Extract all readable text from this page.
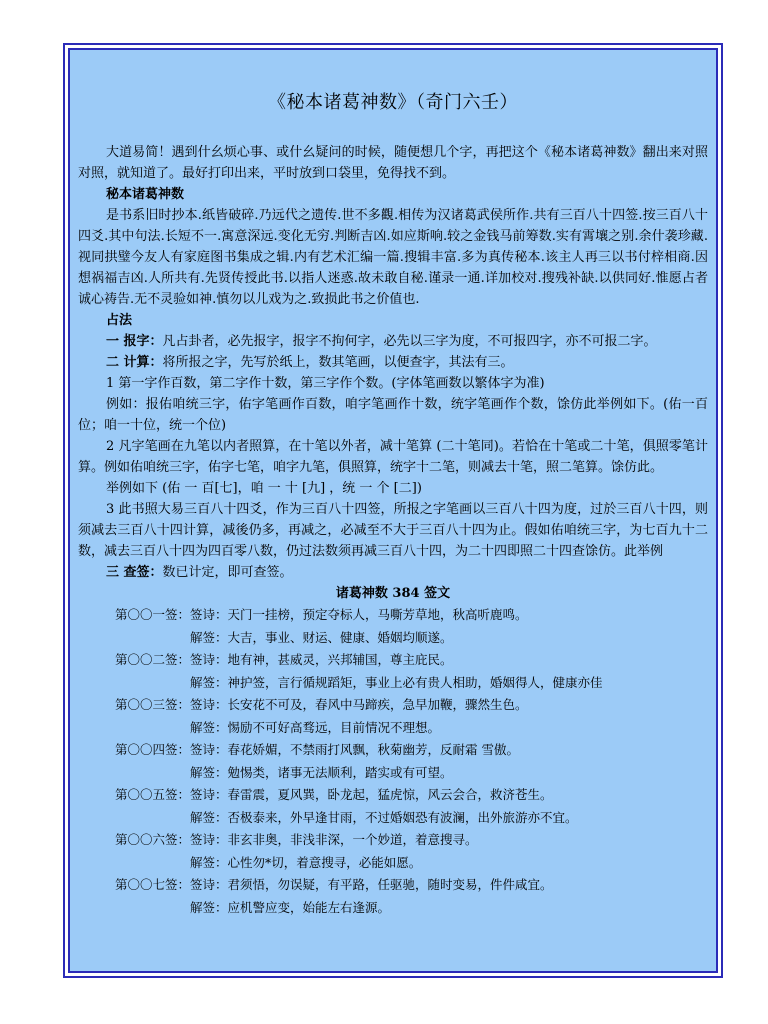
《秘本诸葛神数》（奇门六壬）

大道易简！遇到什幺烦心事、或什幺疑问的时候，随便想几个字，再把这个《秘本诸葛神数》翻出来对照对照，就知道了。最好打印出来，平时放到口袋里，免得找不到。

秘本诸葛神数

是书系旧时抄本.纸皆破碎.乃远代之遗传.世不多觀.相传为汉诸葛武侯所作.共有三百八十四签.按三百八十四爻.其中句法.长短不一.寓意深远.变化无穷.判断吉凶.如应斯响.较之金钱马前筹数.实有霄壤之别.余什袭珍藏.视同拱璧今友人有家庭图书集成之辑.内有艺术汇编一篇.搜辑丰富.多为真传秘本.该主人再三以书付梓相商.因想祸福吉凶.人所共有.先贤传授此书.以指人迷惑.故未敢自秘.谨录一通.详加校对.搜残补缺.以供同好.惟愿占者诚心祷告.无不灵验如神.慎勿以儿戏为之.致损此书之价值也.

占法

一 报字：凡占卦者，必先报字，报字不拘何字，必先以三字为度，不可报四字，亦不可报二字。

二 计算：将所报之字，先写於纸上，数其笔画，以便查字，其法有三。

1 第一字作百数，第二字作十数，第三字作个数。(字体笔画数以繁体字为准)

例如：报佑咱统三字，佑字笔画作百数，咱字笔画作十数，统字笔画作个数，馀仿此举例如下。(佑一百位；咱一十位，统一个位)

2 凡字笔画在九笔以内者照算，在十笔以外者，减十笔算 (二十笔同)。若恰在十笔或二十笔，俱照零笔计算。例如佑咱统三字，佑字七笔，咱字九笔，俱照算，统字十二笔，则减去十笔，照二笔算。馀仿此。

举例如下 (佑 一 百[七]，咱 一 十 [九] ，统 一 个 [二])

3 此书照大易三百八十四爻，作为三百八十四签，所报之字笔画以三百八十四为度，过於三百八十四，则须减去三百八十四计算，减後仍多，再减之，必减至不大于三百八十四为止。假如佑咱统三字，为七百九十二数，减去三百八十四为四百零八数，仍过法数须再减三百八十四，为二十四即照二十四查馀仿。此举例

三 查签：数已计定，即可查签。

诸葛神数 384 签文
第〇〇一签： 签诗：天门一挂榜，预定夺标人，马嘶芳草地，秋高听鹿鸣。
解签：大吉，事业、财运、健康、婚姻均顺遂。
第〇〇二签： 签诗：地有神，甚威灵，兴邦辅国，尊主庇民。
解签：神护签，言行循规蹈矩，事业上必有贵人相助，婚姻得人，健康亦佳
第〇〇三签： 签诗：长安花不可及，春风中马蹄疾，急早加鞭，骤然生色。
解签：惕励不可好高骛远，目前情况不理想。
第〇〇四签： 签诗：春花娇媚，不禁雨打风飘，秋菊幽芳，反耐霜 雪傲。
解签：勉惕类，诸事无法顺利，踏实或有可望。
第〇〇五签： 签诗：春雷震，夏风巽，卧龙起，猛虎惊，风云会合，救济苍生。
解签：否极泰来，外早逢甘雨，不过婚姻恐有波澜，出外旅游亦不宜。
第〇〇六签： 签诗：非玄非奥，非浅非深，一个妙道，着意搜寻。
解签：心性勿*切，着意搜寻，必能如愿。
第〇〇七签： 签诗：君须悟，勿误疑，有平路，任驱驰，随时变易，件件咸宜。
解签：应机警应变，始能左右逢源。
